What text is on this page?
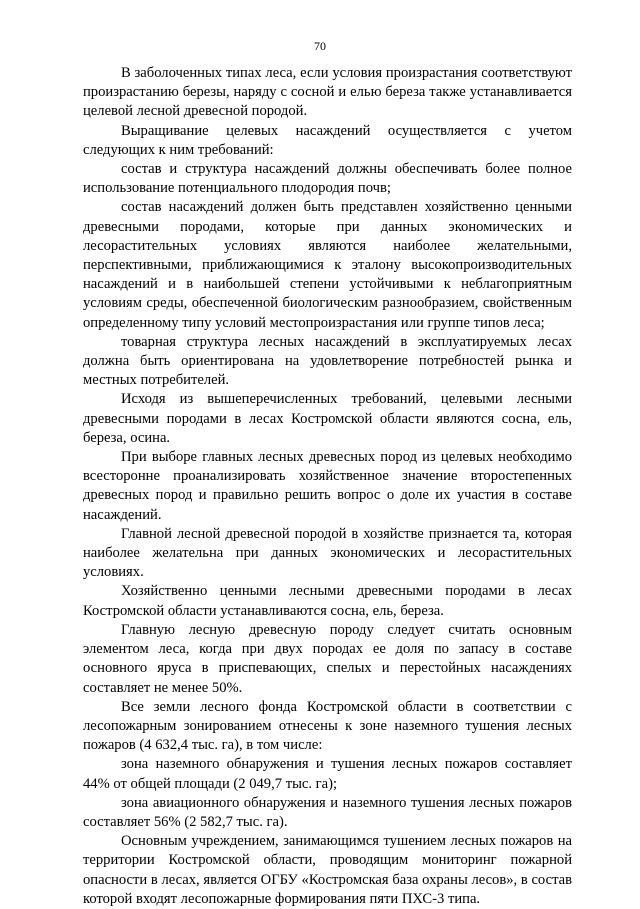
70

В заболоченных типах леса, если условия произрастания соответствуют произрастанию березы, наряду с сосной и елью береза также устанавливается целевой лесной древесной породой.

Выращивание целевых насаждений осуществляется с учетом следующих к ним требований:

состав и структура насаждений должны обеспечивать более полное использование потенциального плодородия почв;

состав насаждений должен быть представлен хозяйственно ценными древесными породами, которые при данных экономических и лесорастительных условиях являются наиболее желательными, перспективными, приближающимися к эталону высокопроизводительных насаждений и в наибольшей степени устойчивыми к неблагоприятным условиям среды, обеспеченной биологическим разнообразием, свойственным определенному типу условий местопроизрастания или группе типов леса;

товарная структура лесных насаждений в эксплуатируемых лесах должна быть ориентирована на удовлетворение потребностей рынка и местных потребителей.

Исходя из вышеперечисленных требований, целевыми лесными древесными породами в лесах Костромской области являются сосна, ель, береза, осина.

При выборе главных лесных древесных пород из целевых необходимо всесторонне проанализировать хозяйственное значение второстепенных древесных пород и правильно решить вопрос о доле их участия в составе насаждений.

Главной лесной древесной породой в хозяйстве признается та, которая наиболее желательна при данных экономических и лесорастительных условиях.

Хозяйственно ценными лесными древесными породами в лесах Костромской области устанавливаются сосна, ель, береза.

Главную лесную древесную породу следует считать основным элементом леса, когда при двух породах ее доля по запасу в составе основного яруса в приспевающих, спелых и перестойных насаждениях составляет не менее 50%.

Все земли лесного фонда Костромской области в соответствии с лесопожарным зонированием отнесены к зоне наземного тушения лесных пожаров (4 632,4 тыс. га), в том числе:

зона наземного обнаружения и тушения лесных пожаров составляет 44% от общей площади (2 049,7 тыс. га);

зона авиационного обнаружения и наземного тушения лесных пожаров составляет 56% (2 582,7 тыс. га).

Основным учреждением, занимающимся тушением лесных пожаров на территории Костромской области, проводящим мониторинг пожарной опасности в лесах, является ОГБУ «Костромская база охраны лесов», в состав которой входят лесопожарные формирования пяти ПХС-3 типа.
